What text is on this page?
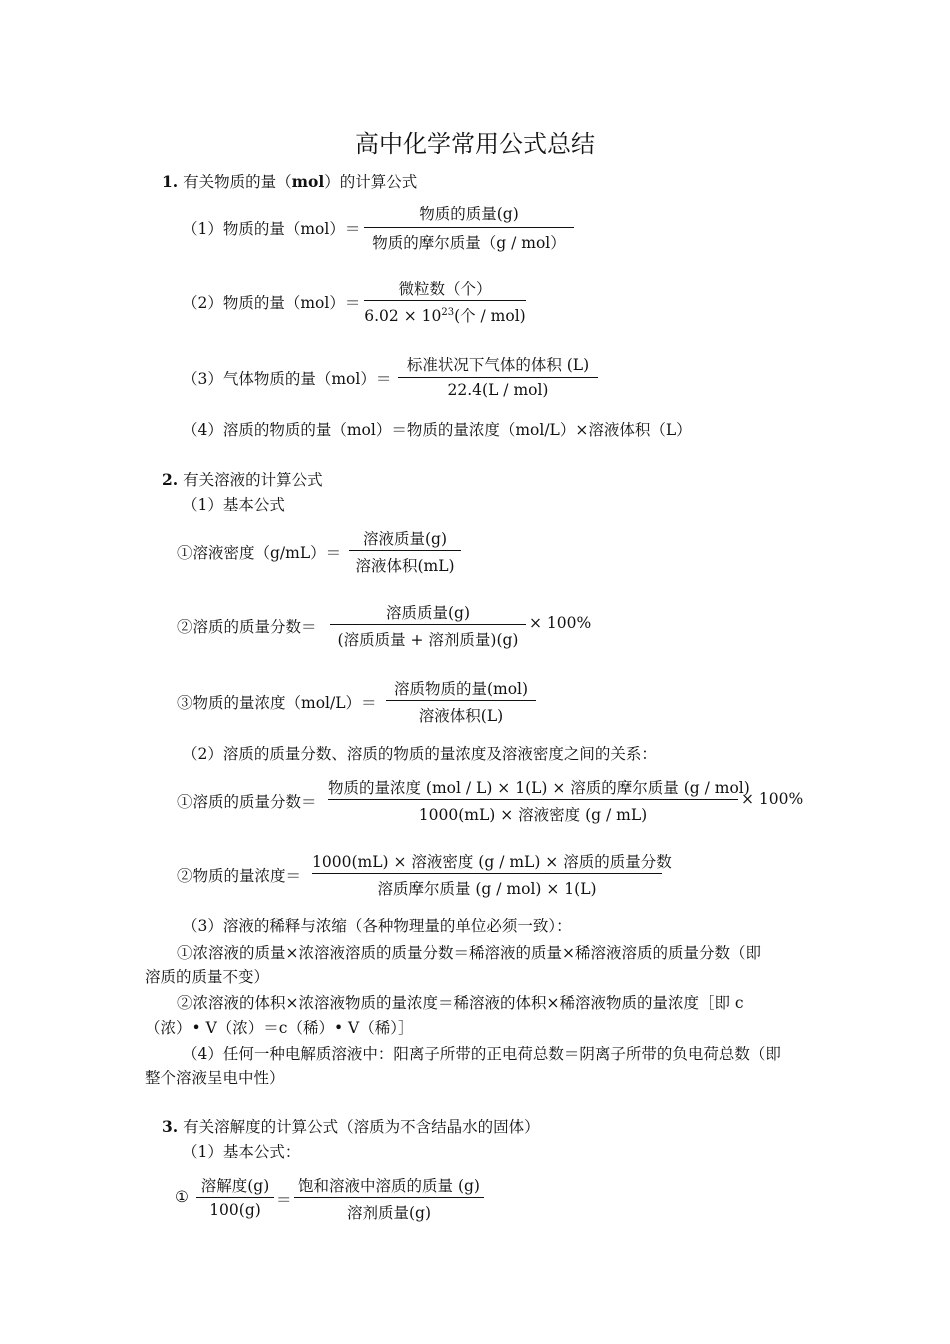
高中化学常用公式总结
1. 有关物质的量（mol）的计算公式
（1）物质的量（mol）＝
物质的质量(g)
物质的摩尔质量（g / mol）
（2）物质的量（mol）＝
微粒数（个）
$6.02 \times 10^{23}$(个 / mol)
（3）气体物质的量（mol）＝
标准状况下气体的体积 (L)
22.4(L / mol)
（4）溶质的物质的量（mol）＝物质的量浓度（mol/L）×溶液体积（L）
2. 有关溶液的计算公式
（1）基本公式
①溶液密度（g/mL）＝
溶液质量(g)
溶液体积(mL)
②溶质的质量分数＝
溶质质量(g)
(溶质质量 + 溶剂质量)(g)
× 100%
③物质的量浓度（mol/L）＝
溶质物质的量(mol)
溶液体积(L)
（2）溶质的质量分数、溶质的物质的量浓度及溶液密度之间的关系：
①溶质的质量分数＝
物质的量浓度 (mol / L) × 1(L) × 溶质的摩尔质量 (g / mol)
1000(mL) × 溶液密度 (g / mL)
× 100%
②物质的量浓度＝
1000(mL) × 溶液密度 (g / mL) × 溶质的质量分数
溶质摩尔质量 (g / mol) × 1(L)
（3）溶液的稀释与浓缩（各种物理量的单位必须一致）：
①浓溶液的质量×浓溶液溶质的质量分数＝稀溶液的质量×稀溶液溶质的质量分数（即
溶质的质量不变）
②浓溶液的体积×浓溶液物质的量浓度＝稀溶液的体积×稀溶液物质的量浓度［即 c
（浓）• V（浓）＝c（稀）• V（稀）］
（4）任何一种电解质溶液中：阳离子所带的正电荷总数＝阴离子所带的负电荷总数（即
整个溶液呈电中性）
3. 有关溶解度的计算公式（溶质为不含结晶水的固体）
（1）基本公式：
①
溶解度(g)
100(g)
＝
饱和溶液中溶质的质量 (g)
溶剂质量(g)
